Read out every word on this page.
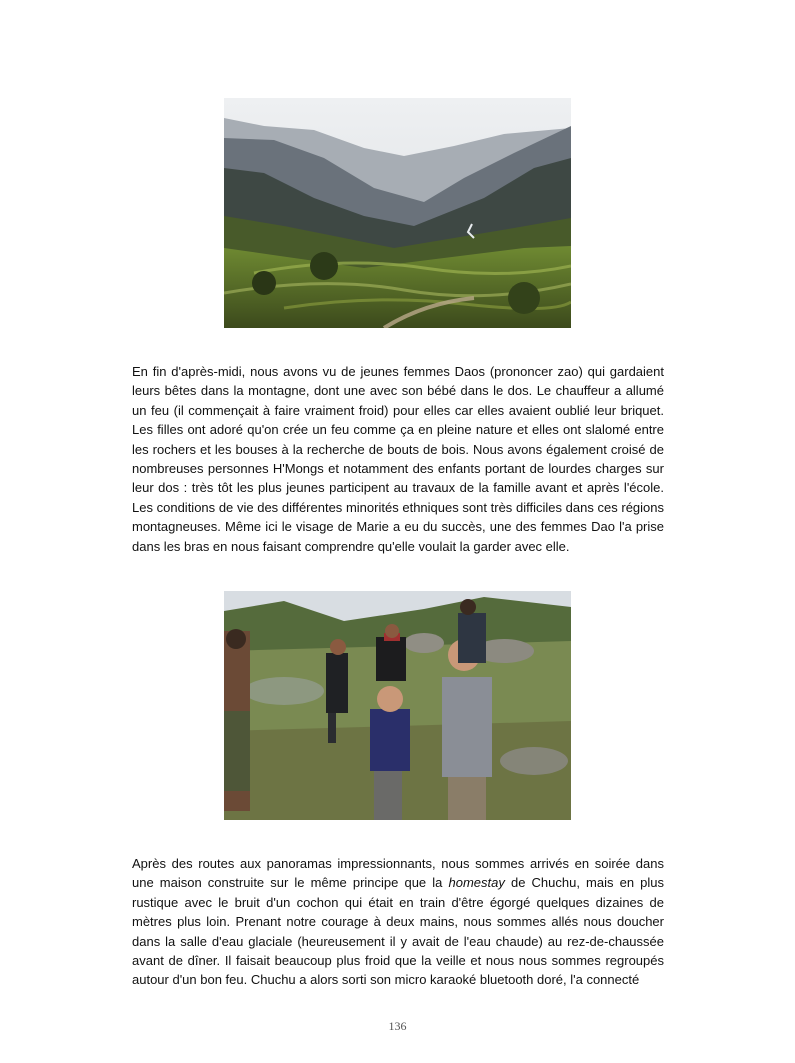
En fin d'après-midi, nous avons vu de jeunes femmes Daos (prononcer zao) qui gardaient leurs bêtes dans la montagne, dont une avec son bébé dans le dos. Le chauffeur a allumé un feu (il commençait à faire vraiment froid) pour elles car elles avaient oublié leur briquet. Les filles ont adoré qu'on crée un feu comme ça en pleine nature et elles ont slalomé entre les rochers et les bouses à la recherche de bouts de bois. Nous avons également croisé de nombreuses personnes H'Mongs et notamment des enfants portant de lourdes charges sur leur dos : très tôt les plus jeunes participent au travaux de la famille avant et après l'école. Les conditions de vie des différentes minorités ethniques sont très difficiles dans ces régions montagneuses. Même ici le visage de Marie a eu du succès, une des femmes Dao l'a prise dans les bras en nous faisant comprendre qu'elle voulait la garder avec elle.

Après des routes aux panoramas impressionnants, nous sommes arrivés en soirée dans une maison construite sur le même principe que la homestay de Chuchu, mais en plus rustique avec le bruit d'un cochon qui était en train d'être égorgé quelques dizaines de mètres plus loin. Prenant notre courage à deux mains, nous sommes allés nous doucher dans la salle d'eau glaciale (heureusement il y avait de l'eau chaude) au rez-de-chaussée avant de dîner. Il faisait beaucoup plus froid que la veille et nous nous sommes regroupés autour d'un bon feu. Chuchu a alors sorti son micro karaoké bluetooth doré, l'a connecté

136
